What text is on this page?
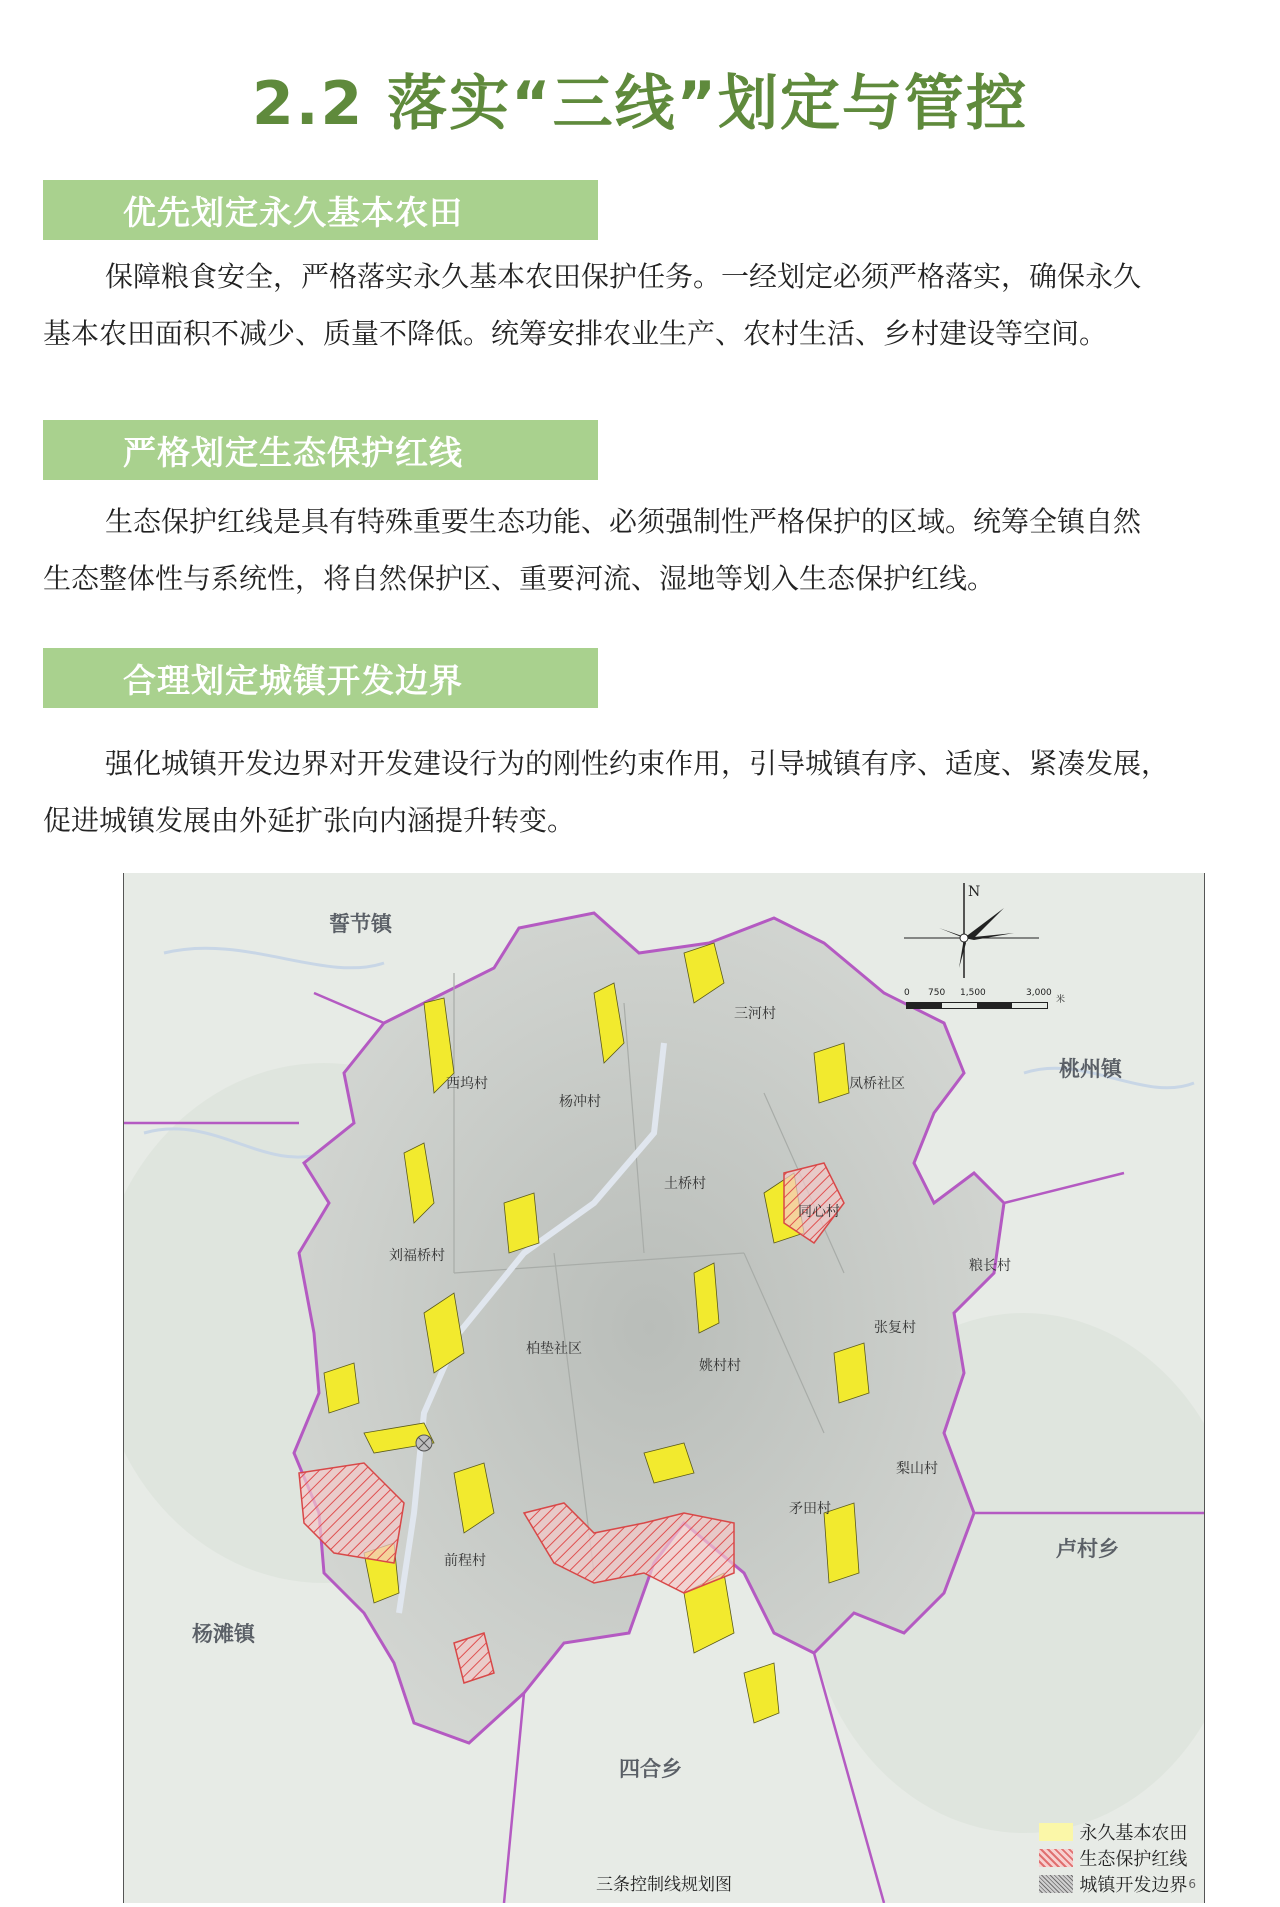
2.2 落实“三线”划定与管控
优先划定永久基本农田
保障粮食安全，严格落实永久基本农田保护任务。一经划定必须严格落实，确保永久
基本农田面积不减少、质量不降低。统筹安排农业生产、农村生活、乡村建设等空间。
严格划定生态保护红线
生态保护红线是具有特殊重要生态功能、必须强制性严格保护的区域。统筹全镇自然
生态整体性与系统性，将自然保护区、重要河流、湿地等划入生态保护红线。
合理划定城镇开发边界
强化城镇开发边界对开发建设行为的刚性约束作用，引导城镇有序、适度、紧凑发展，
促进城镇发展由外延扩张向内涵提升转变。
N
0 750 1,500	3,000
米
誓节镇
桃州镇
卢村乡
杨滩镇
四合乡
三河村
西坞村
杨冲村
凤桥社区
土桥村
同心村
刘福桥村
粮长村
张复村
柏垫社区
姚村村
梨山村
矛田村
前程村
三条控制线规划图
永久基本农田
生态保护红线
城镇开发边界 6
